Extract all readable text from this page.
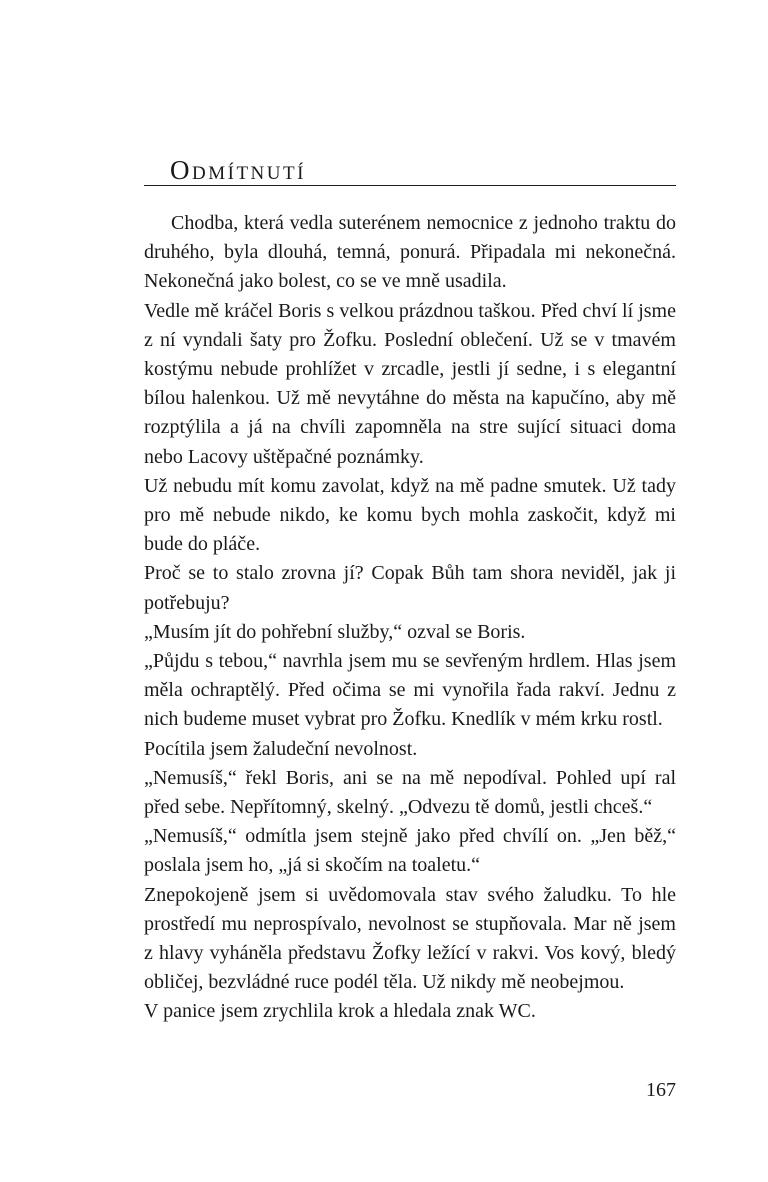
Odmítnutí
Chodba, která vedla suterénem nemocnice z jednoho traktu do druhého, byla dlouhá, temná, ponurá. Připadala mi nekonečná. Nekonečná jako bolest, co se ve mně usadila.
Vedle mě kráčel Boris s velkou prázdnou taškou. Před chví lí jsme z ní vyndali šaty pro Žofku. Poslední oblečení. Už se v tmavém kostýmu nebude prohlížet v zrcadle, jestli jí sedne, i s elegantní bílou halenkou. Už mě nevytáhne do města na kapučíno, aby mě rozptýlila a já na chvíli zapomněla na stre sující situaci doma nebo Lacovy uštěpačné poznámky.
Už nebudu mít komu zavolat, když na mě padne smutek. Už tady pro mě nebude nikdo, ke komu bych mohla zaskočit, když mi bude do pláče.
Proč se to stalo zrovna jí? Copak Bůh tam shora neviděl, jak ji potřebuju?
„Musím jít do pohřební služby,“ ozval se Boris.
„Půjdu s tebou,“ navrhla jsem mu se sevřeným hrdlem. Hlas jsem měla ochraptělý. Před očima se mi vynořila řada rakví. Jednu z nich budeme muset vybrat pro Žofku. Knedlík v mém krku rostl.
Pocítila jsem žaludeční nevolnost.
„Nemusíš,“ řekl Boris, ani se na mě nepodíval. Pohled upí ral před sebe. Nepřítomný, skelný. „Odvezu tě domů, jestli chceš.“
„Nemusíš,“ odmítla jsem stejně jako před chvílí on. „Jen běž,“ poslala jsem ho, „já si skočím na toaletu.“
Znepokojeně jsem si uvědomovala stav svého žaludku. To hle prostředí mu neprospívalo, nevolnost se stupňovala. Mar ně jsem z hlavy vyháněla představu Žofky ležící v rakvi. Vos kový, bledý obličej, bezvládné ruce podél těla. Už nikdy mě neobejmou.
V panice jsem zrychlila krok a hledala znak WC.
167
